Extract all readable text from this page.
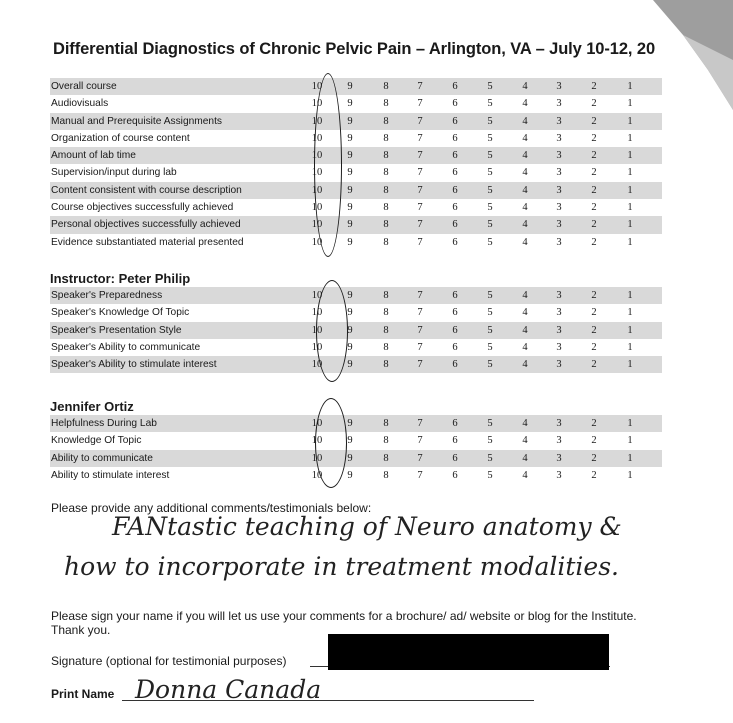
Differential Diagnostics of Chronic Pelvic Pain – Arlington, VA – July 10-12, 20
Overall course	10	9	8	7	6	5	4	3	2	1
Audiovisuals	10	9	8	7	6	5	4	3	2	1
Manual and Prerequisite Assignments	10	9	8	7	6	5	4	3	2	1
Organization of course content	10	9	8	7	6	5	4	3	2	1
Amount of lab time	10	9	8	7	6	5	4	3	2	1
Supervision/input during lab	10	9	8	7	6	5	4	3	2	1
Content consistent with course description	10	9	8	7	6	5	4	3	2	1
Course objectives successfully achieved	10	9	8	7	6	5	4	3	2	1
Personal objectives successfully achieved	10	9	8	7	6	5	4	3	2	1
Evidence substantiated material presented	10	9	8	7	6	5	4	3	2	1
Instructor: Peter Philip
Speaker's Preparedness	10	9	8	7	6	5	4	3	2	1
Speaker's Knowledge Of Topic	10	9	8	7	6	5	4	3	2	1
Speaker's Presentation Style	10	9	8	7	6	5	4	3	2	1
Speaker's Ability to communicate	10	9	8	7	6	5	4	3	2	1
Speaker's Ability to stimulate interest	10	9	8	7	6	5	4	3	2	1
Jennifer Ortiz
Helpfulness During Lab	10	9	8	7	6	5	4	3	2	1
Knowledge Of Topic	10	9	8	7	6	5	4	3	2	1
Ability to communicate	10	9	8	7	6	5	4	3	2	1
Ability to stimulate interest	10	9	8	7	6	5	4	3	2	1
Please provide any additional comments/testimonials below:
FANtastic teaching of Neuro anatomy &
how to incorporate in treatment modalities.
Please sign your name if you will let us use your comments for a brochure/ ad/ website or blog for the Institute.
Thank you.
Signature (optional for testimonial purposes)
Print Name Donna Canada
